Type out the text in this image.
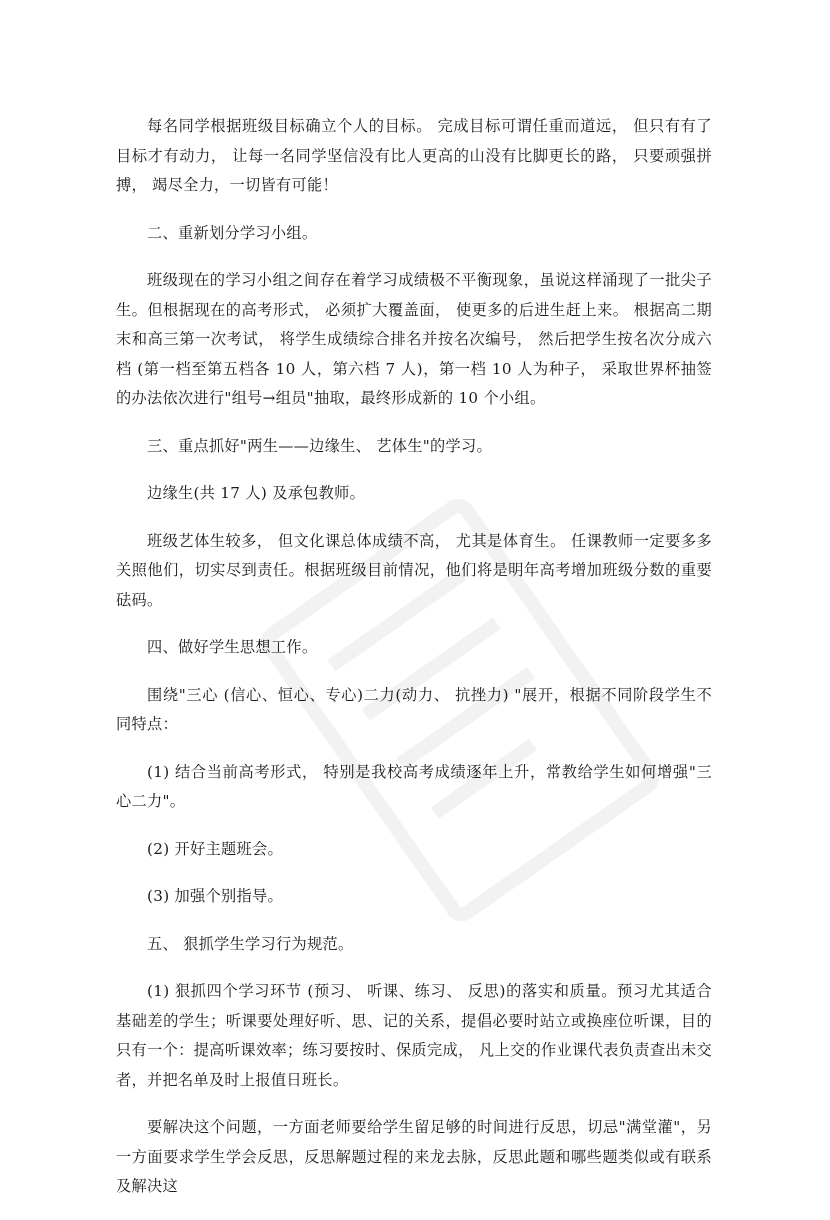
每名同学根据班级目标确立个人的目标。 完成目标可谓任重而道远， 但只有有了目标才有动力， 让每一名同学坚信没有比人更高的山没有比脚更长的路， 只要顽强拼搏， 竭尽全力，一切皆有可能！

二、重新划分学习小组。

班级现在的学习小组之间存在着学习成绩极不平衡现象，虽说这样涌现了一批尖子生。但根据现在的高考形式， 必须扩大覆盖面， 使更多的后进生赶上来。 根据高二期末和高三第一次考试， 将学生成绩综合排名并按名次编号， 然后把学生按名次分成六档 (第一档至第五档各 10 人，第六档 7 人)，第一档 10 人为种子， 采取世界杯抽签的办法依次进行"组号→组员"抽取，最终形成新的 10 个小组。

三、重点抓好"两生——边缘生、 艺体生"的学习。

边缘生(共 17 人) 及承包教师。

班级艺体生较多， 但文化课总体成绩不高， 尤其是体育生。 任课教师一定要多多关照他们，切实尽到责任。根据班级目前情况，他们将是明年高考增加班级分数的重要砝码。

四、做好学生思想工作。

围绕"三心 (信心、恒心、专心)二力(动力、 抗挫力) "展开，根据不同阶段学生不同特点：

(1) 结合当前高考形式， 特别是我校高考成绩逐年上升，常教给学生如何增强"三心二力"。

(2) 开好主题班会。

(3) 加强个别指导。

五、 狠抓学生学习行为规范。

(1) 狠抓四个学习环节 (预习、 听课、练习、 反思)的落实和质量。预习尤其适合基础差的学生；听课要处理好听、思、记的关系，提倡必要时站立或换座位听课，目的只有一个：提高听课效率；练习要按时、保质完成， 凡上交的作业课代表负责查出未交者，并把名单及时上报值日班长。

要解决这个问题，一方面老师要给学生留足够的时间进行反思，切忌"满堂灌"，另一方面要求学生学会反思，反思解题过程的来龙去脉，反思此题和哪些题类似或有联系及解决这
